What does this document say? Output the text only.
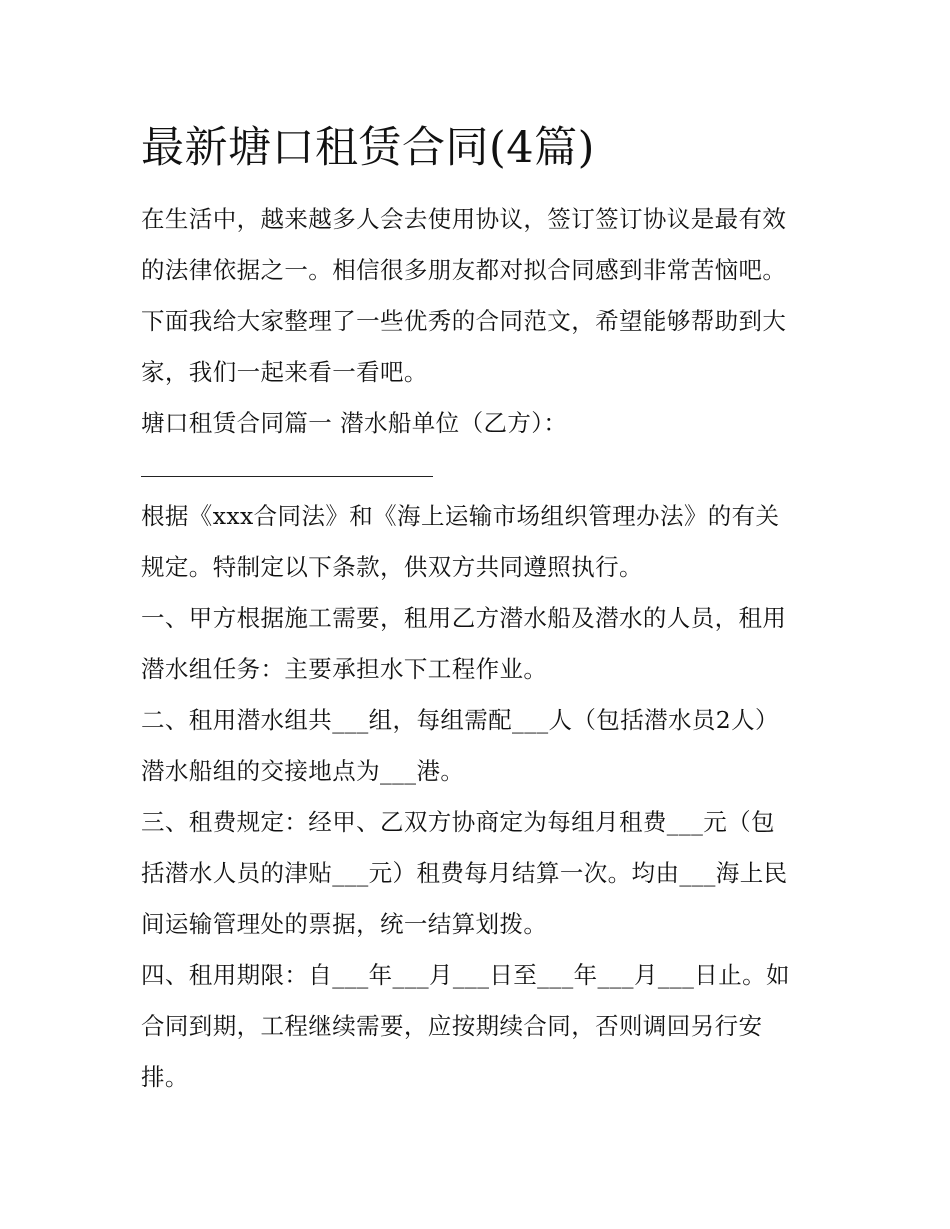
最新塘口租赁合同(4篇)

在生活中，越来越多人会去使用协议，签订签订协议是最有效

的法律依据之一。相信很多朋友都对拟合同感到非常苦恼吧。

下面我给大家整理了一些优秀的合同范文，希望能够帮助到大

家，我们一起来看一看吧。

塘口租赁合同篇一 潜水船单位（乙方）：

根据《xxx合同法》和《海上运输市场组织管理办法》的有关

规定。特制定以下条款，供双方共同遵照执行。

一、甲方根据施工需要，租用乙方潜水船及潜水的人员，租用

潜水组任务：主要承担水下工程作业。

二、租用潜水组共___组，每组需配___人（包括潜水员2人）

潜水船组的交接地点为___港。

三、租费规定：经甲、乙双方协商定为每组月租费___元（包

括潜水人员的津贴___元）租费每月结算一次。均由___海上民

间运输管理处的票据，统一结算划拨。

四、租用期限：自___年___月___日至___年___月___日止。如

合同到期，工程继续需要，应按期续合同，否则调回另行安

排。
